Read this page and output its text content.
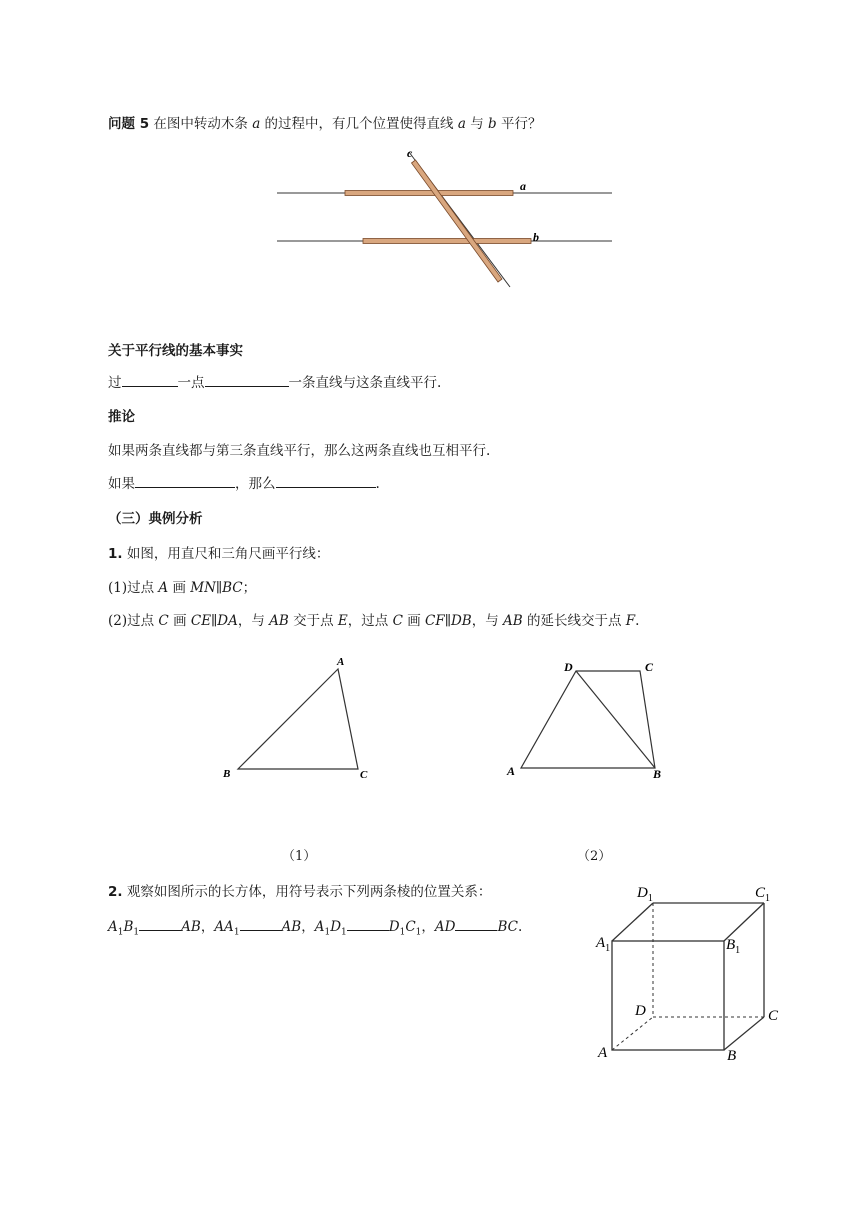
问题 5 在图中转动木条 a 的过程中，有几个位置使得直线 a 与 b 平行？
c
a
b
关于平行线的基本事实
过	一点	一条直线与这条直线平行.
推论
如果两条直线都与第三条直线平行，那么这两条直线也互相平行.
如果	，那么	.
（三）典例分析
1. 如图，用直尺和三角尺画平行线：
(1)过点 A 画 MN∥BC；
(2)过点 C 画 CE∥DA，与 AB 交于点 E，过点 C 画 CF∥DB，与 AB 的延长线交于点 F.
A
B	C
D	C
A	B
（1）	（2）
2. 观察如图所示的长方体，用符号表示下列两条棱的位置关系：
$A_1B_1$	AB，$AA_1$	AB，$A_1D_1$	$D_1C_1$，AD	BC.
$D_1$	$C_1$
$A_1$	$B_1$
D	C
A	B
